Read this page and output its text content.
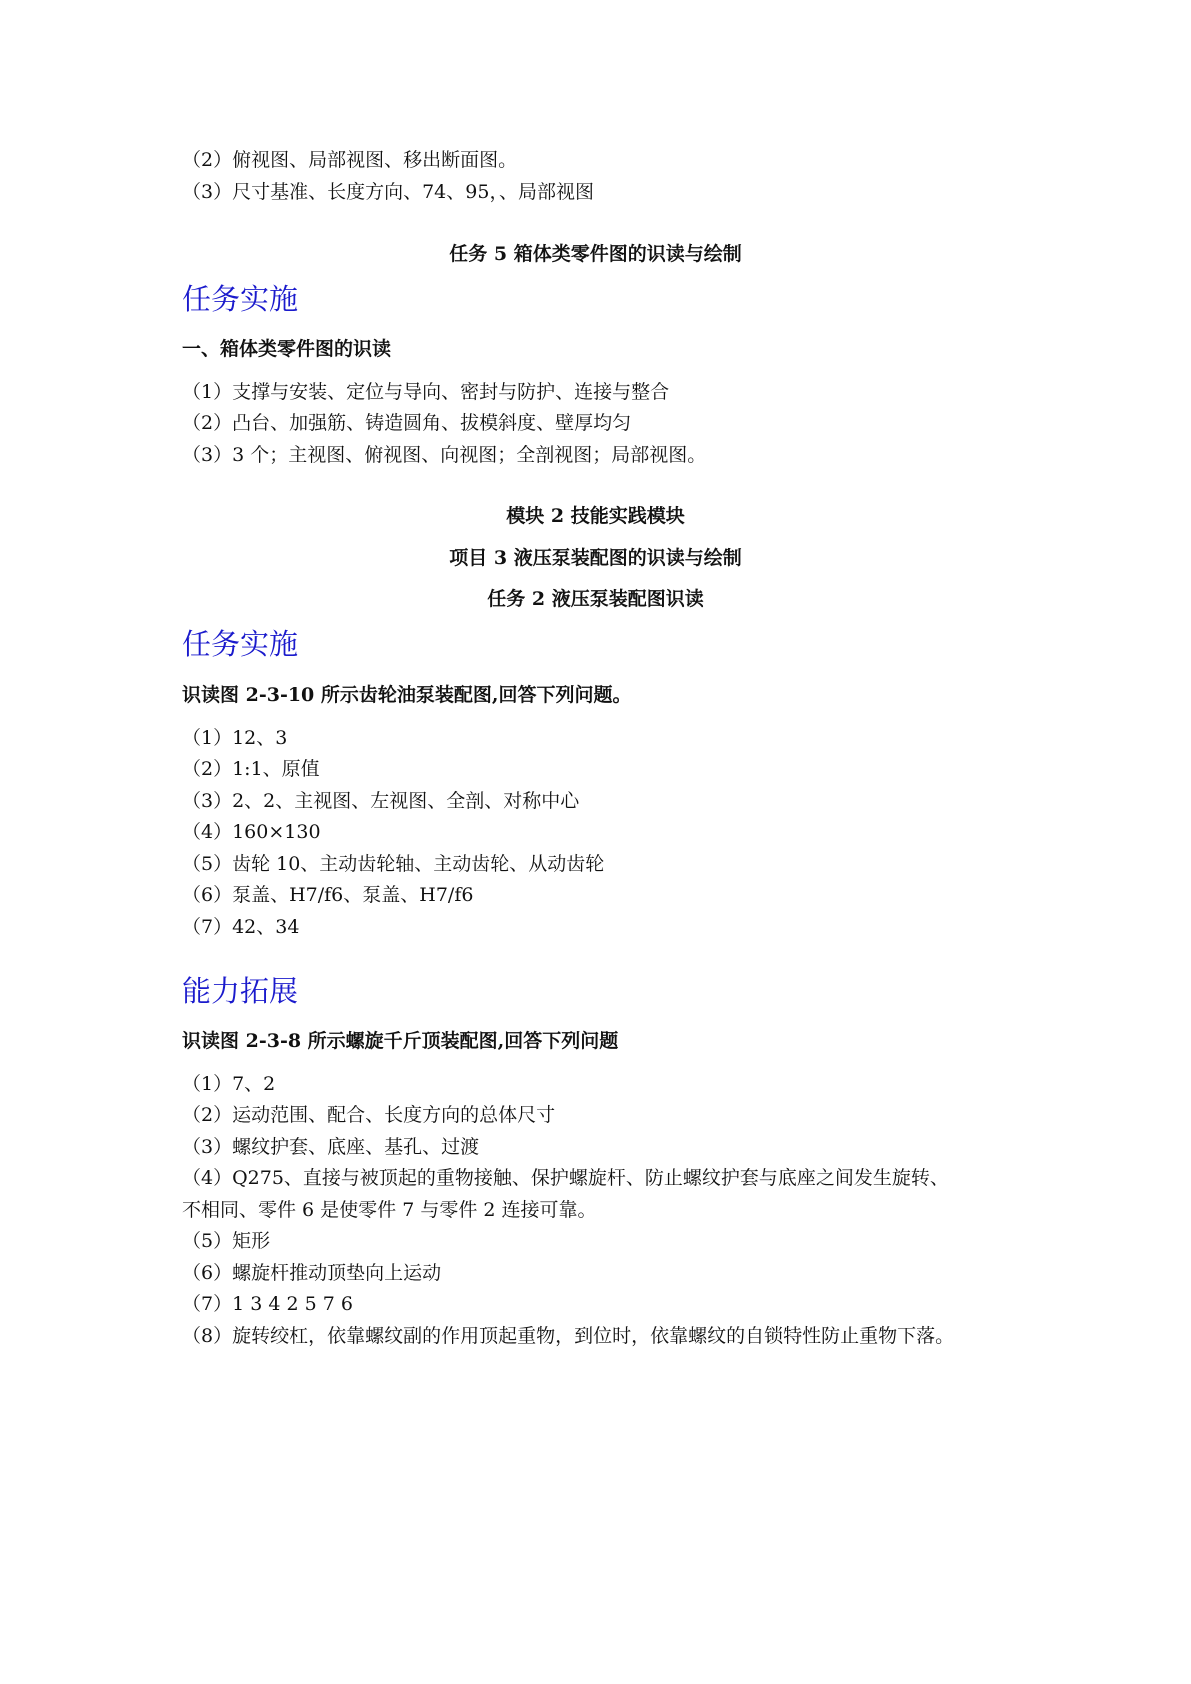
（2）俯视图、局部视图、移出断面图。
（3）尺寸基准、长度方向、74、95，、局部视图
任务 5 箱体类零件图的识读与绘制
任务实施
一、箱体类零件图的识读
（1）支撑与安装、定位与导向、密封与防护、连接与整合
（2）凸台、加强筋、铸造圆角、拔模斜度、壁厚均匀
（3）3 个；主视图、俯视图、向视图；全剖视图；局部视图。
模块 2 技能实践模块
项目 3 液压泵装配图的识读与绘制
任务 2 液压泵装配图识读
任务实施
识读图 2-3-10 所示齿轮油泵装配图,回答下列问题。
（1）12、3
（2）1:1、原值
（3）2、2、主视图、左视图、全剖、对称中心
（4）160×130
（5）齿轮 10、主动齿轮轴、主动齿轮、从动齿轮
（6）泵盖、H7/f6、泵盖、H7/f6
（7）42、34
能力拓展
识读图 2-3-8 所示螺旋千斤顶装配图,回答下列问题
（1）7、2
（2）运动范围、配合、长度方向的总体尺寸
（3）螺纹护套、底座、基孔、过渡
（4）Q275、直接与被顶起的重物接触、保护螺旋杆、防止螺纹护套与底座之间发生旋转、
不相同、零件 6 是使零件 7 与零件 2 连接可靠。
（5）矩形
（6）螺旋杆推动顶垫向上运动
（7）1 3 4 2 5 7 6
（8）旋转绞杠，依靠螺纹副的作用顶起重物，到位时，依靠螺纹的自锁特性防止重物下落。
